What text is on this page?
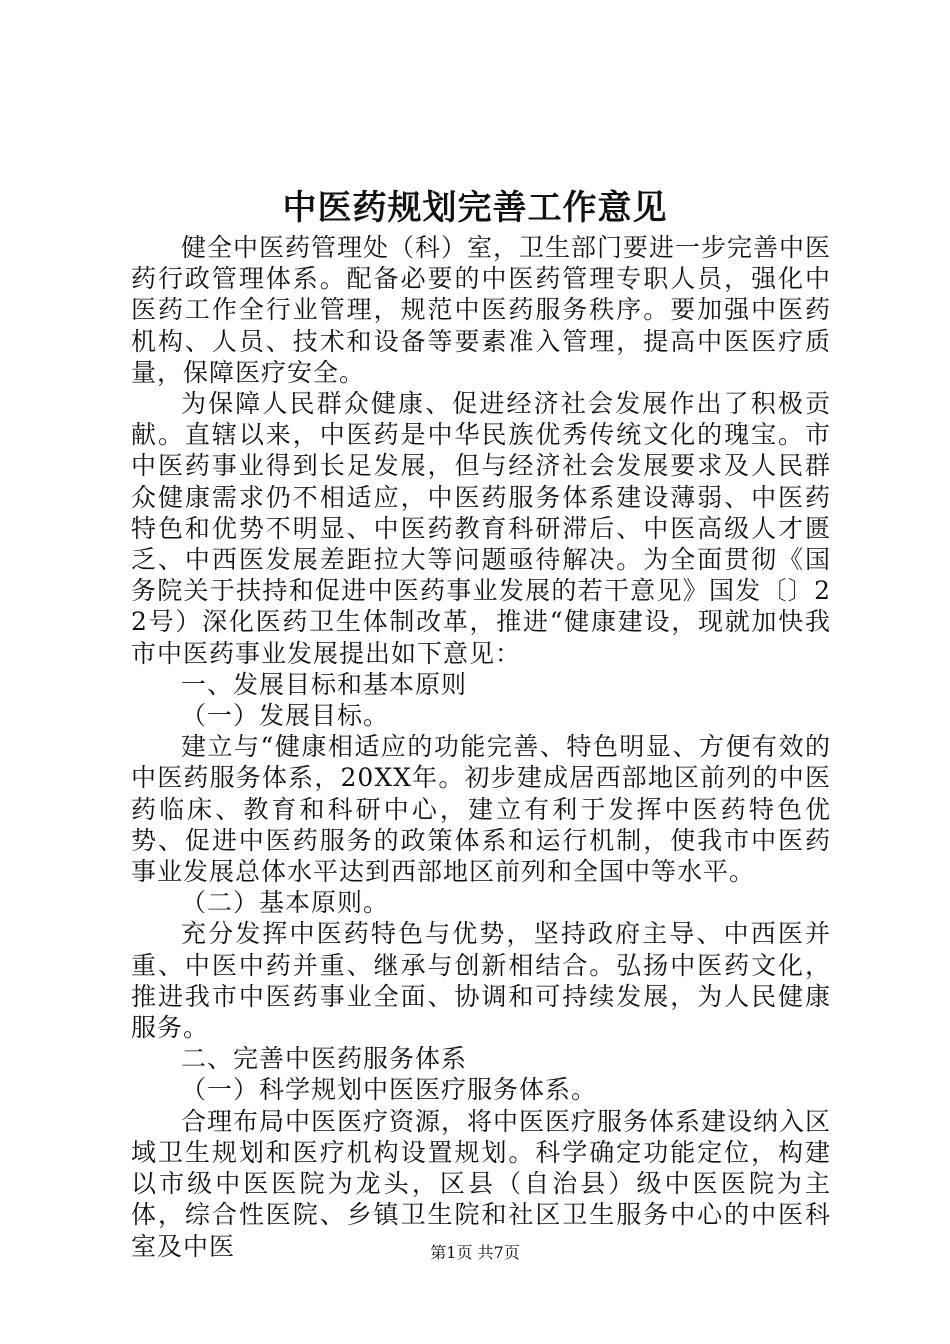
中医药规划完善工作意见

健全中医药管理处（科）室，卫生部门要进一步完善中医药行政管理体系。配备必要的中医药管理专职人员，强化中医药工作全行业管理，规范中医药服务秩序。要加强中医药机构、人员、技术和设备等要素准入管理，提高中医医疗质量，保障医疗安全。

为保障人民群众健康、促进经济社会发展作出了积极贡献。直辖以来，中医药是中华民族优秀传统文化的瑰宝。市中医药事业得到长足发展，但与经济社会发展要求及人民群众健康需求仍不相适应，中医药服务体系建设薄弱、中医药特色和优势不明显、中医药教育科研滞后、中医高级人才匮乏、中西医发展差距拉大等问题亟待解决。为全面贯彻《国务院关于扶持和促进中医药事业发展的若干意见》国发〔〕22号）深化医药卫生体制改革，推进“健康建设，现就加快我市中医药事业发展提出如下意见：

一、发展目标和基本原则

（一）发展目标。

建立与“健康相适应的功能完善、特色明显、方便有效的中医药服务体系，20XX年。初步建成居西部地区前列的中医药临床、教育和科研中心，建立有利于发挥中医药特色优势、促进中医药服务的政策体系和运行机制，使我市中医药事业发展总体水平达到西部地区前列和全国中等水平。

（二）基本原则。

充分发挥中医药特色与优势，坚持政府主导、中西医并重、中医中药并重、继承与创新相结合。弘扬中医药文化，推进我市中医药事业全面、协调和可持续发展，为人民健康服务。

二、完善中医药服务体系

（一）科学规划中医医疗服务体系。

合理布局中医医疗资源，将中医医疗服务体系建设纳入区域卫生规划和医疗机构设置规划。科学确定功能定位，构建以市级中医医院为龙头，区县（自治县）级中医医院为主体，综合性医院、乡镇卫生院和社区卫生服务中心的中医科室及中医	第1页 共7页
